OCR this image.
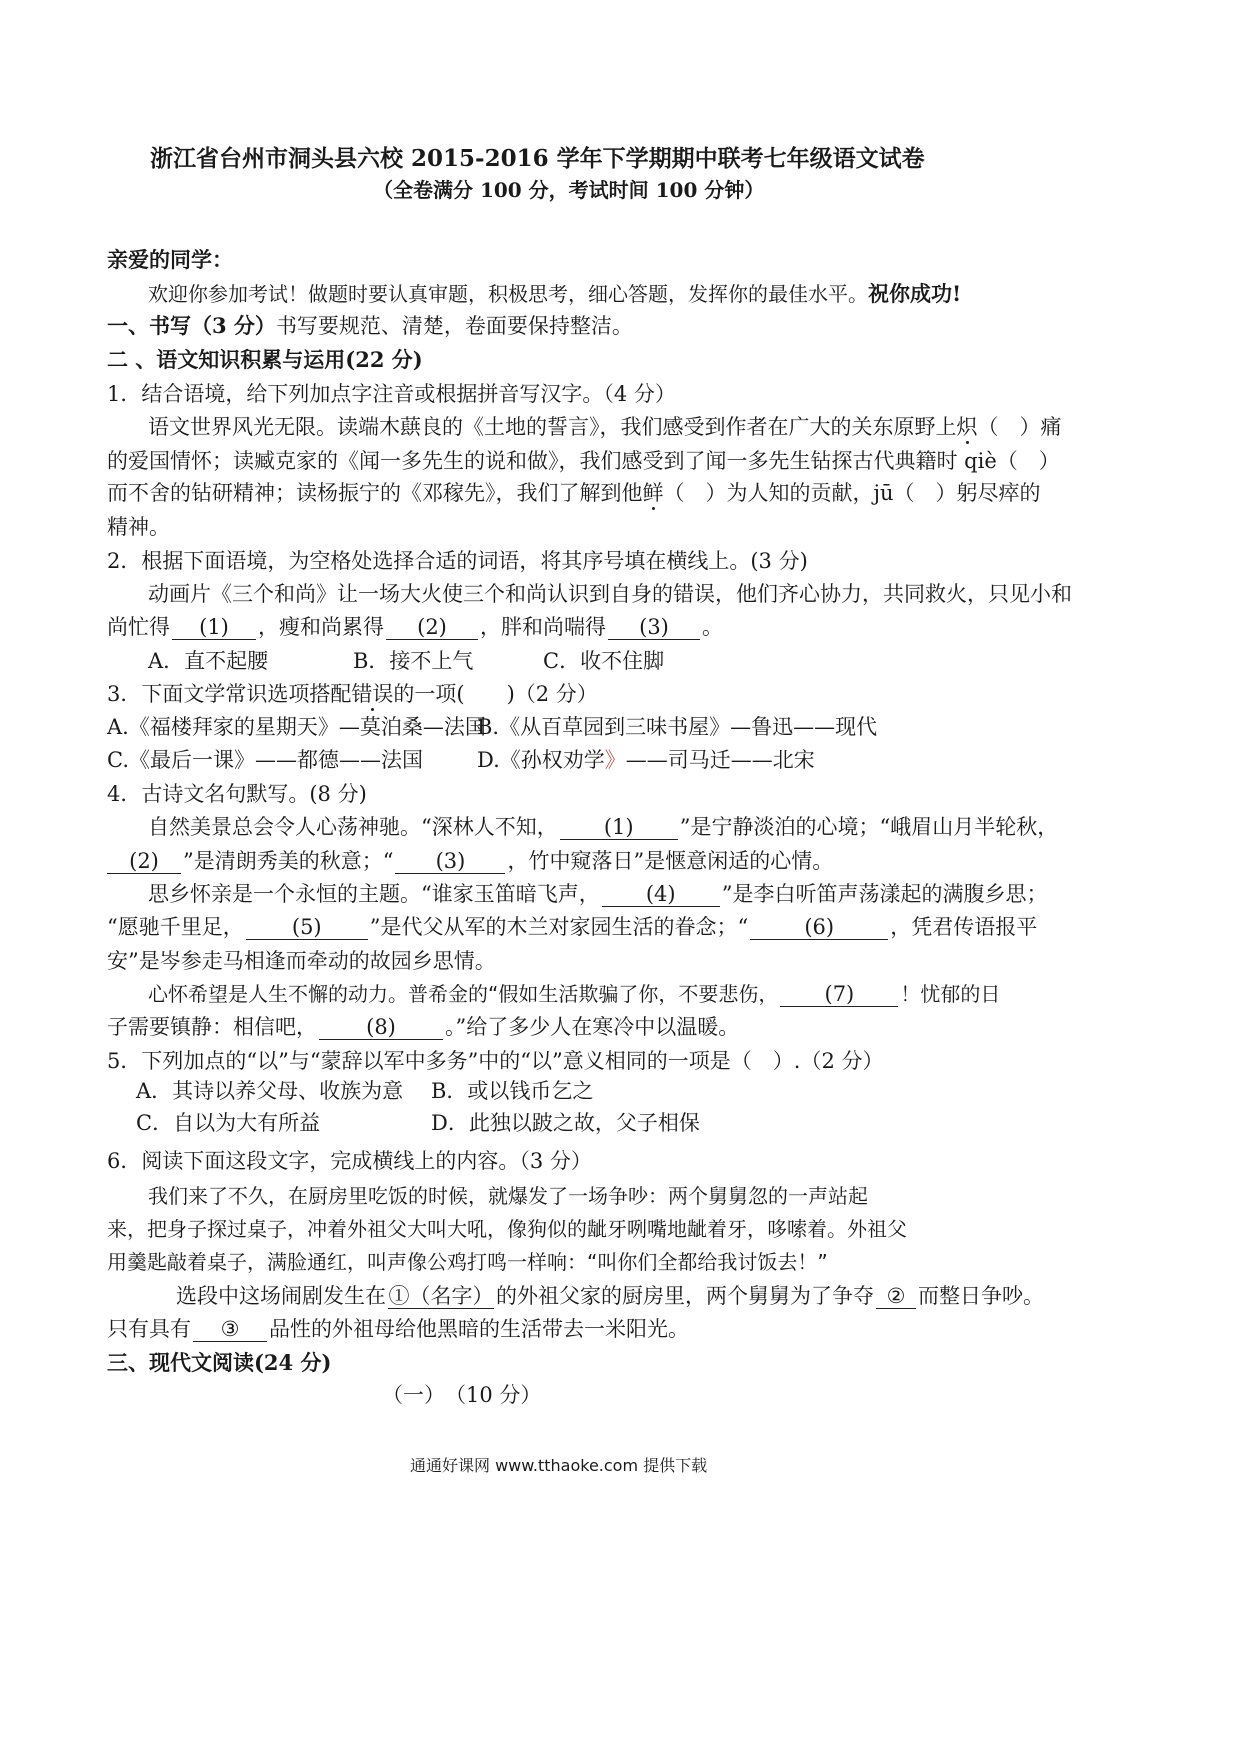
浙江省台州市洞头县六校 2015-2016 学年下学期期中联考七年级语文试卷
（全卷满分 100 分，考试时间 100 分钟）
亲爱的同学：
欢迎你参加考试！做题时要认真审题，积极思考，细心答题，发挥你的最佳水平。祝你成功!
一、书写（3 分）书写要规范、清楚，卷面要保持整洁。
二 、语文知识积累与运用(22 分)
1．结合语境，给下列加点字注音或根据拼音写汉字。（4 分）
语文世界风光无限。读端木蕻良的《土地的誓言》，我们感受到作者在广大的关东原野上炽（　）痛
的爱国情怀；读臧克家的《闻一多先生的说和做》，我们感受到了闻一多先生钻探古代典籍时 qiè（　）
而不舍的钻研精神；读杨振宁的《邓稼先》，我们了解到他鲜（　）为人知的贡献，jū（　）躬尽瘁的
精神。
2．根据下面语境，为空格处选择合适的词语，将其序号填在横线上。(3 分)
动画片《三个和尚》让一场大火使三个和尚认识到自身的错误，他们齐心协力，共同救火，只见小和
尚忙得 (1) ，瘦和尚累得 (2) ，胖和尚喘得 (3) 。
A．直不起腰	B．接不上气	C．收不住脚
3．下面文学常识选项搭配错误的一项(　　)（2 分）
A.《福楼拜家的星期天》—莫泊桑—法国B.《从百草园到三味书屋》—鲁迅——现代
C.《最后一课》——都德——法国	D.《孙权劝学》——司马迁——北宋
4．古诗文名句默写。(8 分)
自然美景总会令人心荡神驰。“深林人不知， (1) ”是宁静淡泊的心境；“峨眉山月半轮秋，
(2) ”是清朗秀美的秋意；“ (3) ，竹中窥落日”是惬意闲适的心情。
思乡怀亲是一个永恒的主题。“谁家玉笛暗飞声， (4) ”是李白听笛声荡漾起的满腹乡思；
“愿驰千里足， (5) ”是代父从军的木兰对家园生活的眷念；“	(6)	，凭君传语报平
安”是岑参走马相逢而牵动的故园乡思情。
心怀希望是人生不懈的动力。普希金的“假如生活欺骗了你，不要悲伤， (7) ！忧郁的日
子需要镇静：相信吧， (8) 。”给了多少人在寒冷中以温暖。
5．下列加点的“以”与“蒙辞以军中多务”中的“以”意义相同的一项是（　）.（2 分）
A．其诗以养父母、收族为意 B．或以钱币乞之
C．自以为大有所益	D．此独以跛之故，父子相保
6．阅读下面这段文字，完成横线上的内容。（3 分）
我们来了不久，在厨房里吃饭的时候，就爆发了一场争吵：两个舅舅忽的一声站起
来，把身子探过桌子，冲着外祖父大叫大吼，像狗似的龇牙咧嘴地龇着牙，哆嗦着。外祖父
用羹匙敲着桌子，满脸通红，叫声像公鸡打鸣一样响：“叫你们全都给我讨饭去！”
选段中这场闹剧发生在 ①（名字） 的外祖父家的厨房里，两个舅舅为了争夺 ② 而整日争吵。
只有具有 ③ 品性的外祖母给他黑暗的生活带去一米阳光。
三、现代文阅读(24 分)
（一）　（10 分）
通通好课网 www.tthaoke.com 提供下载
